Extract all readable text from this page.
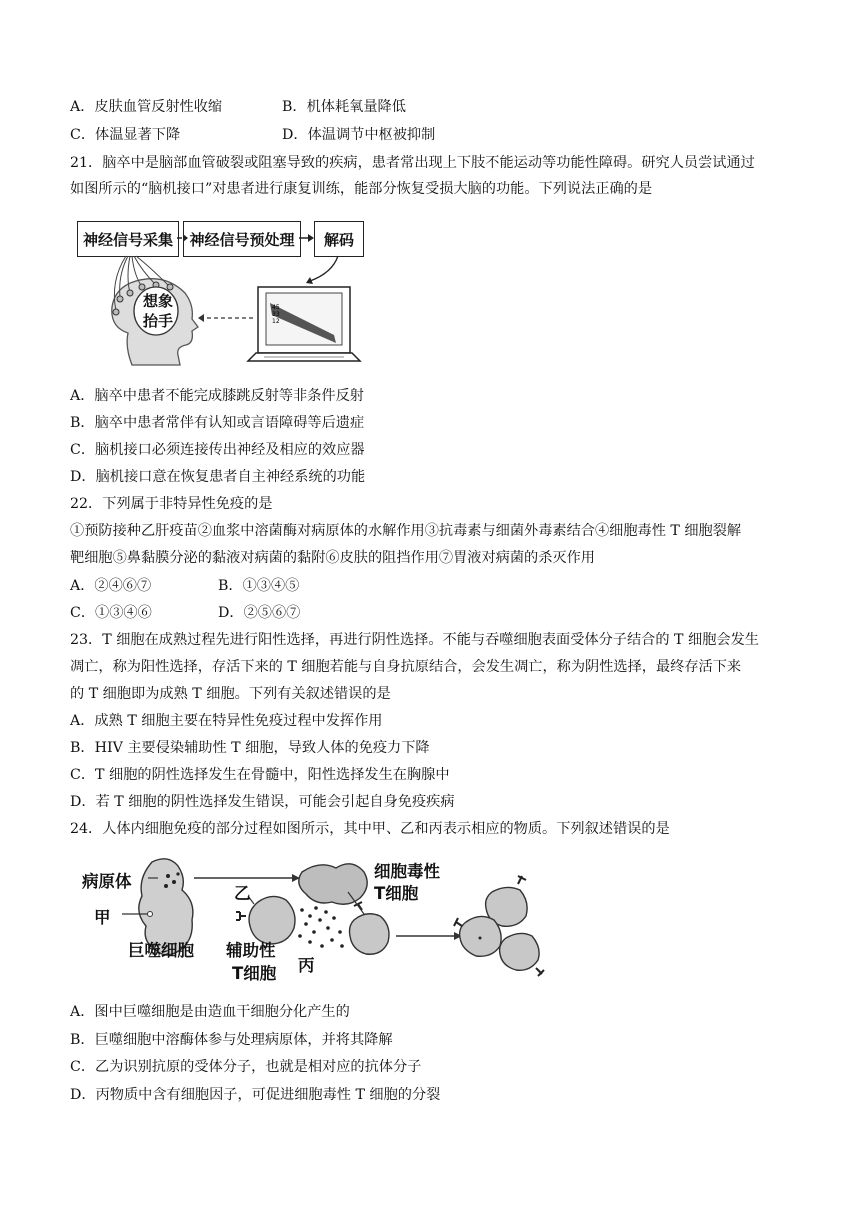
A．皮肤血管反射性收缩	B．机体耗氧量降低
C．体温显著下降	D．体温调节中枢被抑制
21．脑卒中是脑部血管破裂或阻塞导致的疾病，患者常出现上下肢不能运动等功能性障碍。研究人员尝试通过
如图所示的“脑机接口”对患者进行康复训练，能部分恢复受损大脑的功能。下列说法正确的是
神经信号采集	神经信号预处理	解码
45
33
12
想象
抬手
A．脑卒中患者不能完成膝跳反射等非条件反射
B．脑卒中患者常伴有认知或言语障碍等后遗症
C．脑机接口必须连接传出神经及相应的效应器
D．脑机接口意在恢复患者自主神经系统的功能
22．下列属于非特异性免疫的是
①预防接种乙肝疫苗②血浆中溶菌酶对病原体的水解作用③抗毒素与细菌外毒素结合④细胞毒性 T 细胞裂解
靶细胞⑤鼻黏膜分泌的黏液对病菌的黏附⑥皮肤的阻挡作用⑦胃液对病菌的杀灭作用
A．②④⑥⑦	B．①③④⑤
C．①③④⑥	D．②⑤⑥⑦
23．T 细胞在成熟过程先进行阳性选择，再进行阴性选择。不能与吞噬细胞表面受体分子结合的 T 细胞会发生
凋亡，称为阳性选择，存活下来的 T 细胞若能与自身抗原结合，会发生凋亡，称为阴性选择，最终存活下来
的 T 细胞即为成熟 T 细胞。下列有关叙述错误的是
A．成熟 T 细胞主要在特异性免疫过程中发挥作用
B．HIV 主要侵染辅助性 T 细胞，导致人体的免疫力下降
C．T 细胞的阴性选择发生在骨髓中，阳性选择发生在胸腺中
D．若 T 细胞的阴性选择发生错误，可能会引起自身免疫疾病
24．人体内细胞免疫的部分过程如图所示，其中甲、乙和丙表示相应的物质。下列叙述错误的是
病原体
甲
巨噬细胞
乙
辅助性
T细胞 丙
细胞毒性
T细胞
A．图中巨噬细胞是由造血干细胞分化产生的
B．巨噬细胞中溶酶体参与处理病原体，并将其降解
C．乙为识别抗原的受体分子，也就是相对应的抗体分子
D．丙物质中含有细胞因子，可促进细胞毒性 T 细胞的分裂
